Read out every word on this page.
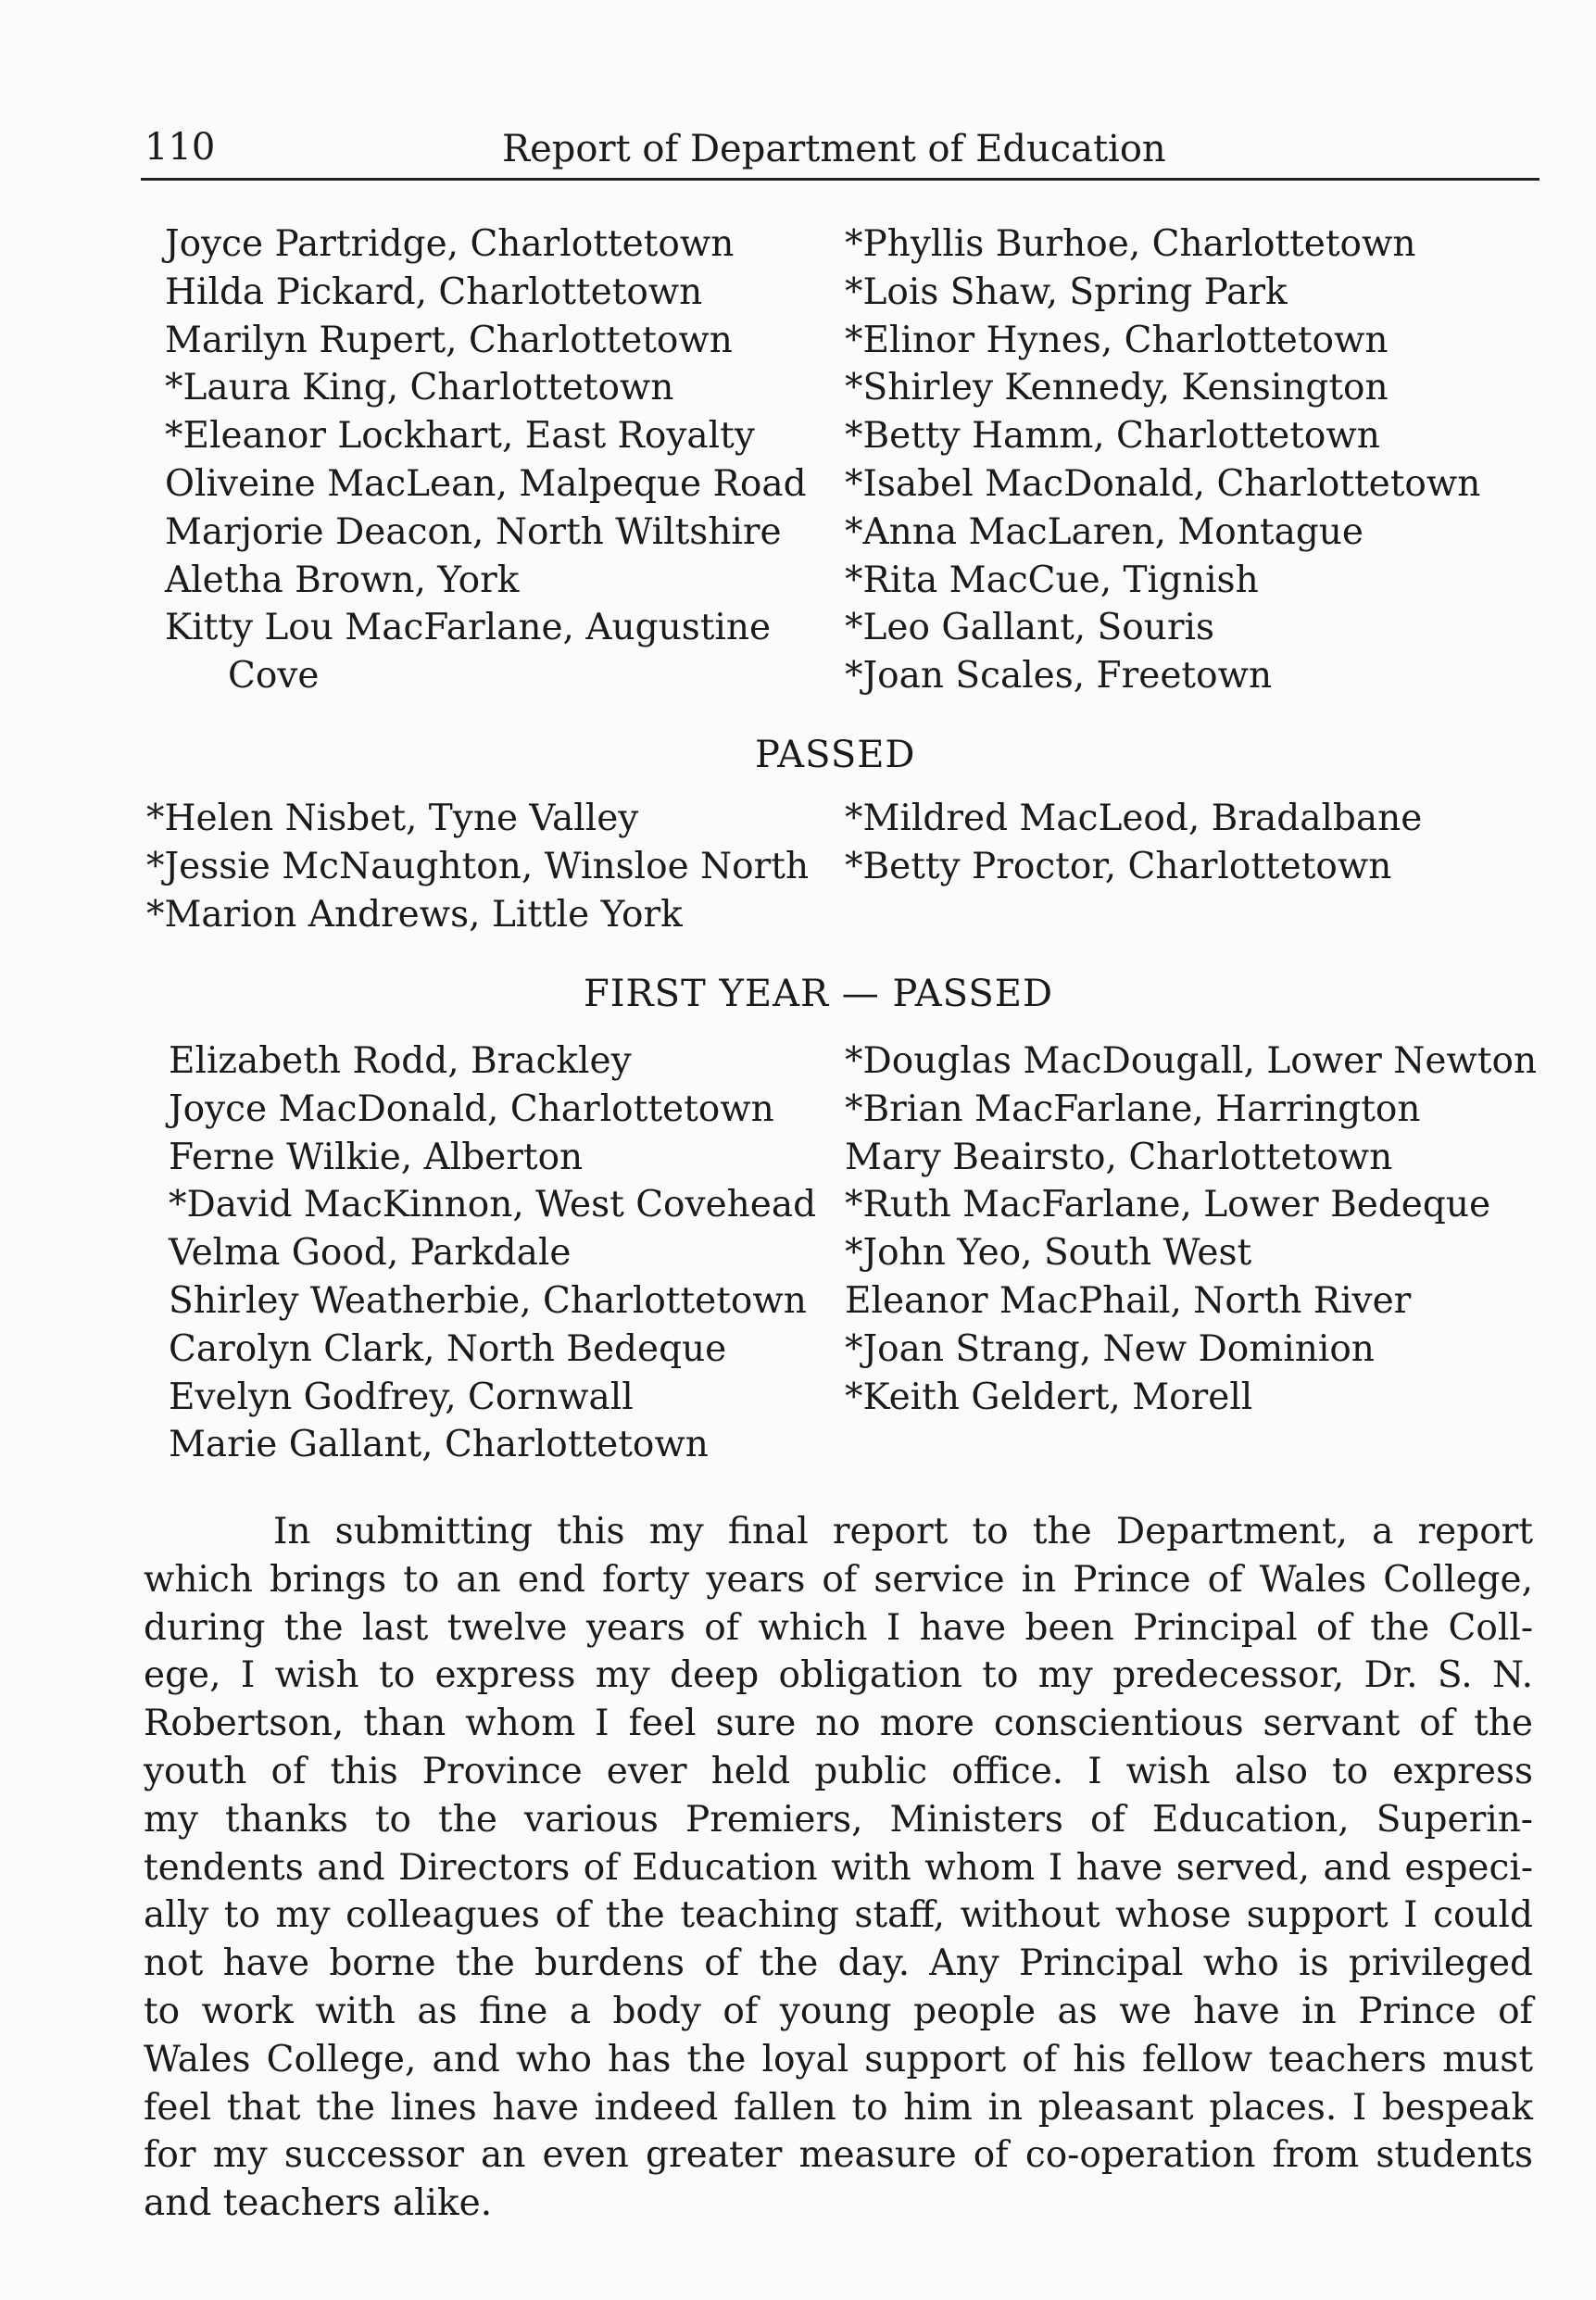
110	Report of Department of Education
Joyce Partridge, Charlottetown
Hilda Pickard, Charlottetown
Marilyn Rupert, Charlottetown
*Laura King, Charlottetown
*Eleanor Lockhart, East Royalty
Oliveine MacLean, Malpeque Road
Marjorie Deacon, North Wiltshire
Aletha Brown, York
Kitty Lou MacFarlane, Augustine
Cove
*Phyllis Burhoe, Charlottetown
*Lois Shaw, Spring Park
*Elinor Hynes, Charlottetown
*Shirley Kennedy, Kensington
*Betty Hamm, Charlottetown
*Isabel MacDonald, Charlottetown
*Anna MacLaren, Montague
*Rita MacCue, Tignish
*Leo Gallant, Souris
*Joan Scales, Freetown
PASSED
*Helen Nisbet, Tyne Valley
*Jessie McNaughton, Winsloe North
*Marion Andrews, Little York
*Mildred MacLeod, Bradalbane
*Betty Proctor, Charlottetown
FIRST YEAR — PASSED
Elizabeth Rodd, Brackley
Joyce MacDonald, Charlottetown
Ferne Wilkie, Alberton
*David MacKinnon, West Covehead
Velma Good, Parkdale
Shirley Weatherbie, Charlottetown
Carolyn Clark, North Bedeque
Evelyn Godfrey, Cornwall
Marie Gallant, Charlottetown
*Douglas MacDougall, Lower Newton
*Brian MacFarlane, Harrington
Mary Beairsto, Charlottetown
*Ruth MacFarlane, Lower Bedeque
*John Yeo, South West
Eleanor MacPhail, North River
*Joan Strang, New Dominion
*Keith Geldert, Morell

In submitting this my final report to the Department, a report
which brings to an end forty years of service in Prince of Wales College,
during the last twelve years of which I have been Principal of the Coll-
ege, I wish to express my deep obligation to my predecessor, Dr. S. N.
Robertson, than whom I feel sure no more conscientious servant of the
youth of this Province ever held public office. I wish also to express
my thanks to the various Premiers, Ministers of Education, Superin-
tendents and Directors of Education with whom I have served, and especi-
ally to my colleagues of the teaching staff, without whose support I could
not have borne the burdens of the day. Any Principal who is privileged
to work with as fine a body of young people as we have in Prince of
Wales College, and who has the loyal support of his fellow teachers must
feel that the lines have indeed fallen to him in pleasant places. I bespeak
for my successor an even greater measure of co-operation from students
and teachers alike.
